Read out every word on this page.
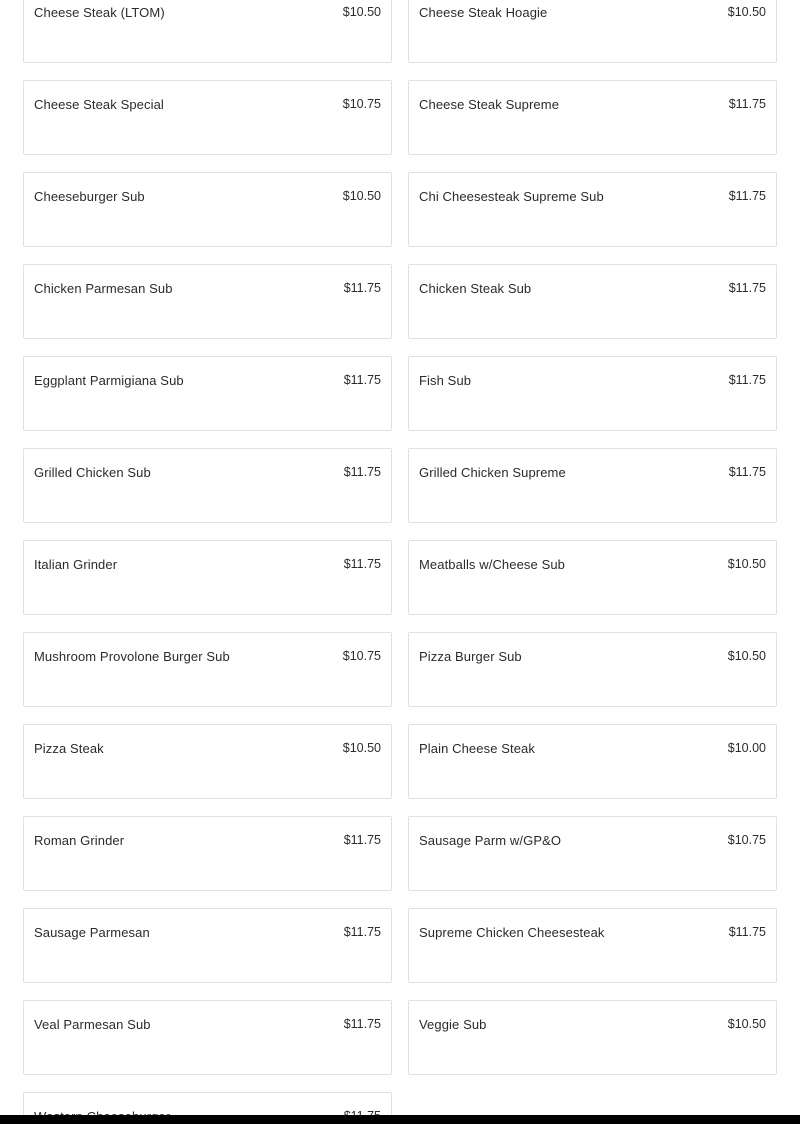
Cheese Steak (LTOM)	$10.50	Cheese Steak Hoagie	$10.50
Cheese Steak Special	$10.75	Cheese Steak Supreme	$11.75
Cheeseburger Sub	$10.50	Chi Cheesesteak Supreme Sub	$11.75
Chicken Parmesan Sub	$11.75	Chicken Steak Sub	$11.75
Eggplant Parmigiana Sub	$11.75	Fish Sub	$11.75
Grilled Chicken Sub	$11.75	Grilled Chicken Supreme	$11.75
Italian Grinder	$11.75	Meatballs w/Cheese Sub	$10.50
Mushroom Provolone Burger Sub	$10.75	Pizza Burger Sub	$10.50
Pizza Steak	$10.50	Plain Cheese Steak	$10.00
Roman Grinder	$11.75	Sausage Parm w/GP&O	$10.75
Sausage Parmesan	$11.75	Supreme Chicken Cheesesteak	$11.75
Veal Parmesan Sub	$11.75	Veggie Sub	$10.50
